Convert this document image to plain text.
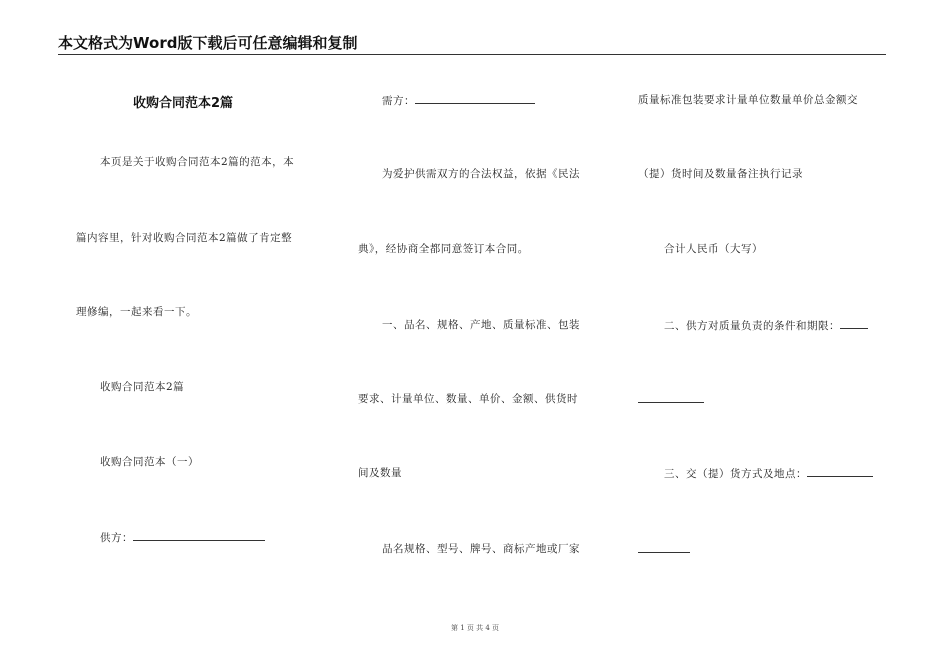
本文格式为Word版下载后可任意编辑和复制
收购合同范本2篇
本页是关于收购合同范本2篇的范本，本
篇内容里，针对收购合同范本2篇做了肯定整
理修编，一起来看一下。
收购合同范本2篇
收购合同范本（一）
供方：
需方：
为爱护供需双方的合法权益，依据《民法
典》，经协商全都同意签订本合同。
一、品名、规格、产地、质量标准、包装
要求、计量单位、数量、单价、金额、供货时
间及数量
品名规格、型号、牌号、商标产地或厂家
质量标准包装要求计量单位数量单价总金额交
（提）货时间及数量备注执行记录
合计人民币（大写）
二、供方对质量负责的条件和期限：
三、交（提）货方式及地点：
第 1 页 共 4 页
